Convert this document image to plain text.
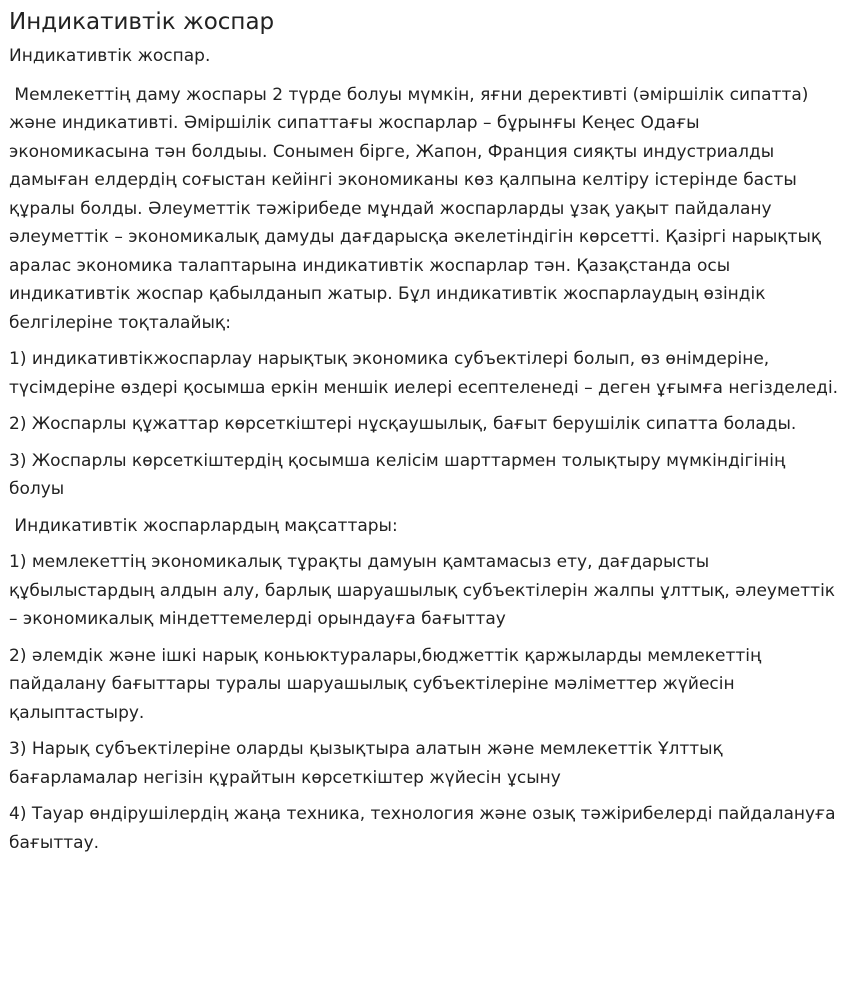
Индикативтік жоспар

Индикативтік жоспар.

Мемлекеттің даму жоспары 2 түрде болуы мүмкін, яғни дерективті (әміршілік сипатта) және индикативті. Әміршілік сипаттағы жоспарлар – бұрынғы Кеңес Одағы экономикасына тән болдыы. Сонымен бірге, Жапон, Франция сияқты индустриалды дамыған елдердің соғыстан кейінгі экономиканы көз қалпына келтіру істерінде басты құралы болды. Әлеуметтік тәжірибеде мұндай жоспарларды ұзақ уақыт пайдалану әлеуметтік – экономикалық дамуды дағдарысқа әкелетіндігін көрсетті. Қазіргі нарықтық аралас экономика талаптарына индикативтік жоспарлар тән. Қазақстанда осы индикативтік жоспар қабылданып жатыр. Бұл индикативтік жоспарлаудың өзіндік белгілеріне тоқталайық:

1) индикативтікжоспарлау нарықтық экономика субъектілері болып, өз өнімдеріне, түсімдеріне өздері қосымша еркін меншік иелері есептеленеді – деген ұғымға негізделеді.

2) Жоспарлы құжаттар көрсеткіштері нұсқаушылық, бағыт берушілік сипатта болады.

3) Жоспарлы көрсеткіштердің қосымша келісім шарттармен толықтыру мүмкіндігінің болуы

Индикативтік жоспарлардың мақсаттары:

1) мемлекеттің экономикалық тұрақты дамуын қамтамасыз ету, дағдарысты құбылыстардың алдын алу, барлық шаруашылық субъектілерін жалпы ұлттық, әлеуметтік – экономикалық міндеттемелерді орындауға бағыттау

2) әлемдік және ішкі нарық коньюктуралары,бюджеттік қаржыларды мемлекеттің пайдалану бағыттары туралы шаруашылық субъектілеріне мәліметтер жүйесін қалыптастыру.

3) Нарық субъектілеріне оларды қызықтыра алатын және мемлекеттік Ұлттық бағарламалар негізін құрайтын көрсеткіштер жүйесін ұсыну

4) Тауар өндірушілердің жаңа техника, технология және озық тәжірибелерді пайдалануға бағыттау.
